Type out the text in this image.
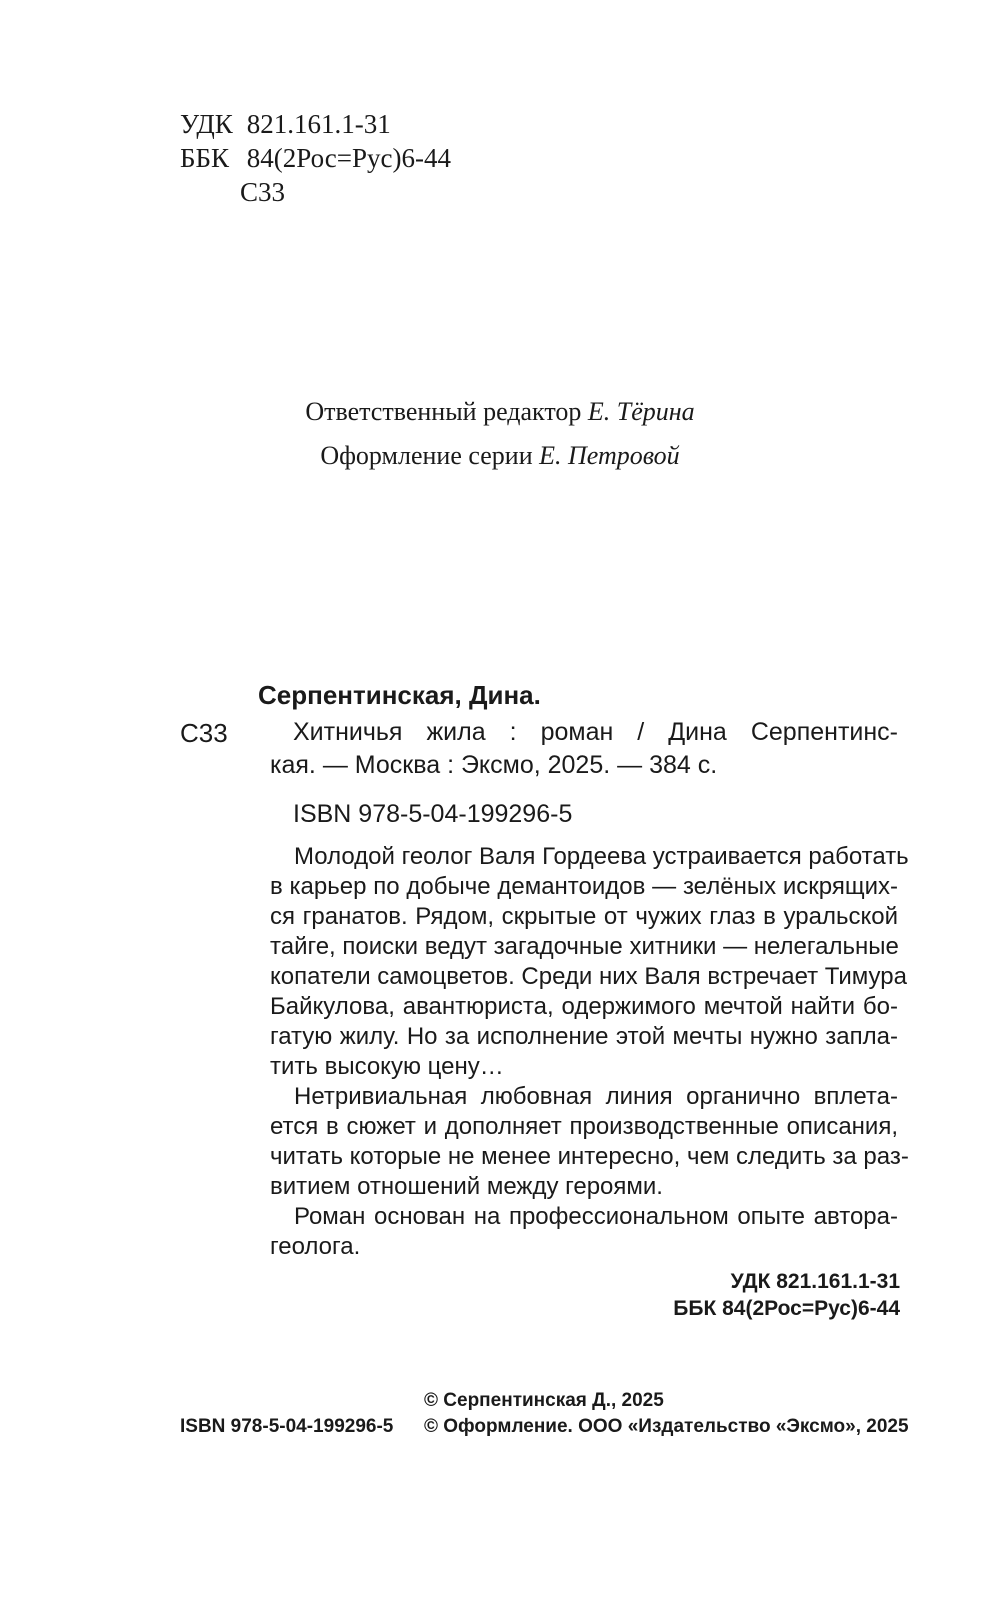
УДК 821.161.1-31
ББК 84(2Рос=Рус)6-44
С33
Ответственный редактор Е. Тёрина
Оформление серии Е. Петровой
Серпентинская, Дина.
С33	Хитничья жила : роман / Дина Серпентинс-
кая. — Москва : Эксмо, 2025. — 384 с.
ISBN 978-5-04-199296-5
Молодой геолог Валя Гордеева устраивается работать
в карьер по добыче демантоидов — зелёных искрящих-
ся гранатов. Рядом, скрытые от чужих глаз в уральской
тайге, поиски ведут загадочные хитники — нелегальные
копатели самоцветов. Среди них Валя встречает Тимура
Байкулова, авантюриста, одержимого мечтой найти бо-
гатую жилу. Но за исполнение этой мечты нужно запла-
тить высокую цену…
Нетривиальная любовная линия органично вплета-
ется в сюжет и дополняет производственные описания,
читать которые не менее интересно, чем следить за раз-
витием отношений между героями.
Роман основан на профессиональном опыте автора-
геолога.
УДК 821.161.1-31
ББК 84(2Рос=Рус)6-44
© Серпентинская Д., 2025
ISBN 978-5-04-199296-5 © Оформление. ООО «Издательство «Эксмо», 2025
